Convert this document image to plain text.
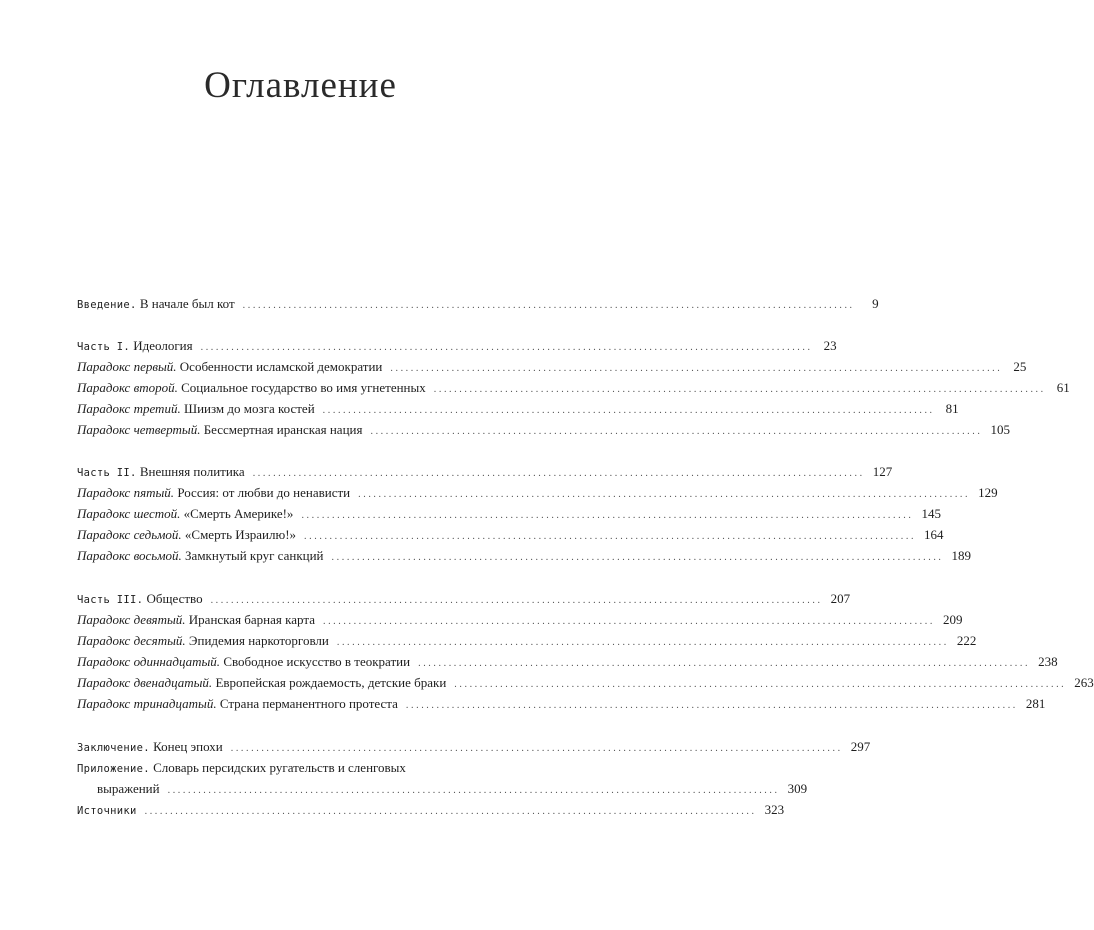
Оглавление
Введение. В начале был кот ........................................................................................................................	9
Часть I. Идеология ........................................................................................................................ 23
Парадокс первый. Особенности исламской демократии ........................................................................................................................ 25
Парадокс второй. Социальное государство во имя угнетенных ........................................................................................................................ 61
Парадокс третий. Шиизм до мозга костей ........................................................................................................................ 81
Парадокс четвертый. Бессмертная иранская нация ........................................................................................................................ 105
Часть II. Внешняя политика ........................................................................................................................ 127
Парадокс пятый. Россия: от любви до ненависти ........................................................................................................................ 129
Парадокс шестой. «Смерть Америке!» ........................................................................................................................ 145
Парадокс седьмой. «Смерть Израилю!» ........................................................................................................................ 164
Парадокс восьмой. Замкнутый круг санкций ........................................................................................................................ 189
Часть III. Общество ........................................................................................................................ 207
Парадокс девятый. Иранская барная карта ........................................................................................................................ 209
Парадокс десятый. Эпидемия наркоторговли ........................................................................................................................ 222
Парадокс одиннадцатый. Свободное искусство в теократии ........................................................................................................................ 238
Парадокс двенадцатый. Европейская рождаемость, детские браки ........................................................................................................................ 263
Парадокс тринадцатый. Страна перманентного протеста ........................................................................................................................ 281
Заключение. Конец эпохи ........................................................................................................................ 297
Приложение. Словарь персидских ругательств и сленговых
выражений ........................................................................................................................ 309
Источники ........................................................................................................................ 323
